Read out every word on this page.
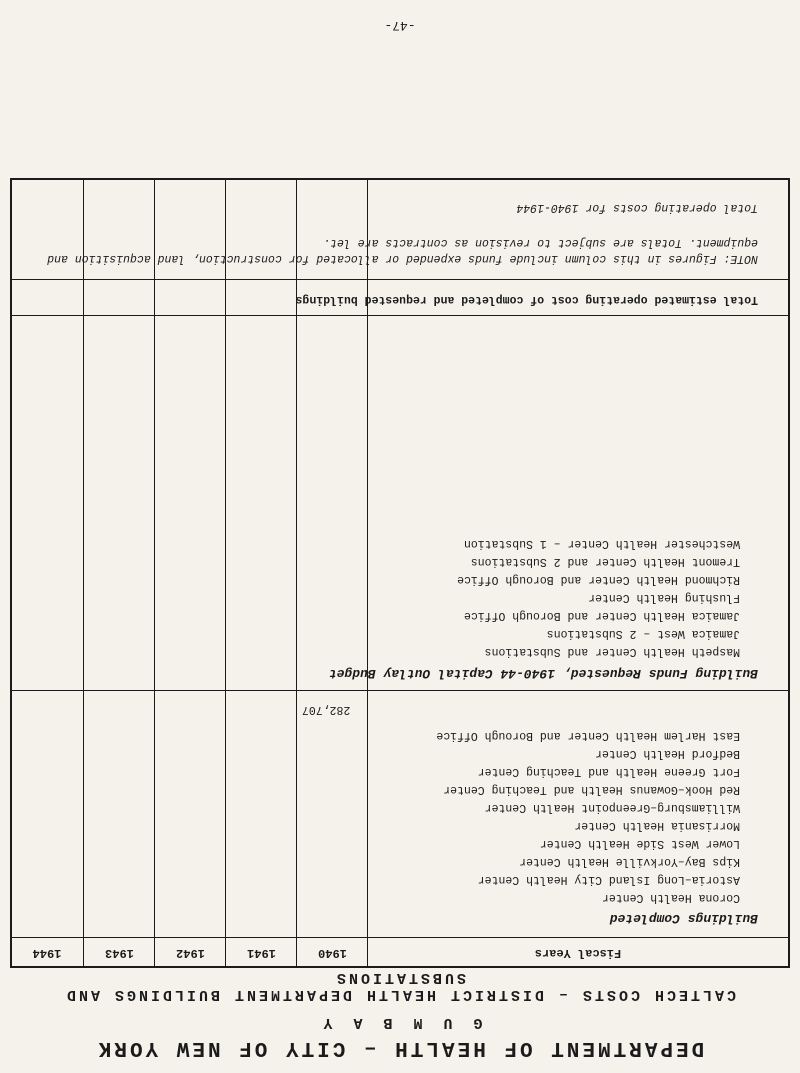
DEPARTMENT OF HEALTH – CITY OF NEW YORK
G U M B A Y
CALTECH COSTS – DISTRICT HEALTH DEPARTMENT BUILDINGS AND SUBSTATIONS
Fiscal Years
1940
1941
1942
1943
1944
Buildings Completed
Corona Health Center
Astoria–Long Island City Health Center
Kips Bay–Yorkville Health Center
Lower West Side Health Center
Morrisania Health Center
Williamsburg–Greenpoint Health Center
Red Hook–Gowanus Health and Teaching Center
Fort Greene Health and Teaching Center
Bedford Health Center
East Harlem Health Center and Borough Office
282,707
Building Funds Requested, 1940-44 Capital Outlay Budget
Maspeth Health Center and Substations
Jamaica West – 2 Substations
Jamaica Health Center and Borough Office
Flushing Health Center
Richmond Health Center and Borough Office
Tremont Health Center and 2 Substations
Westchester Health Center – 1 Substation
Total estimated operating cost of completed and requested buildings
NOTE: Figures in this column include funds expended or allocated for construction, land acquisition and equipment. Totals are subject to revision as contracts are let.
Total operating costs for 1940-1944
-47-
